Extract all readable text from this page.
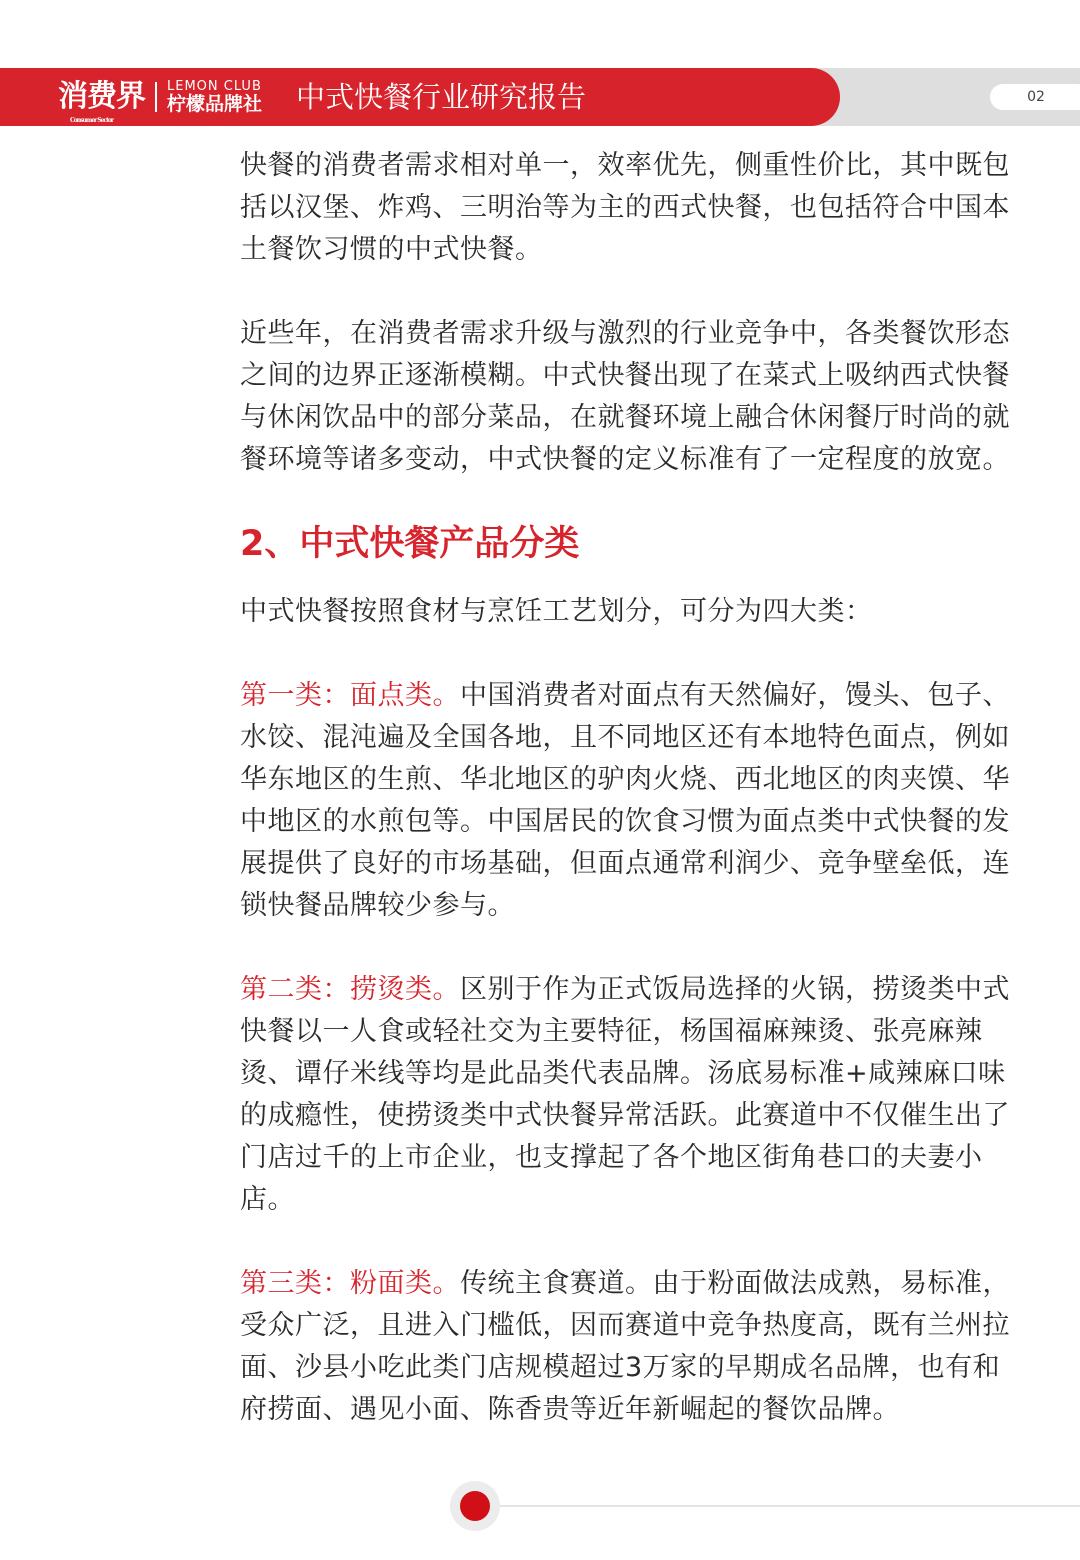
消费界
Consumer Sector
LEMON CLUB
柠檬品牌社 中式快餐行业研究报告	02

快餐的消费者需求相对单一，效率优先，侧重性价比，其中既包括以汉堡、炸鸡、三明治等为主的西式快餐，也包括符合中国本土餐饮习惯的中式快餐。

近些年，在消费者需求升级与激烈的行业竞争中，各类餐饮形态之间的边界正逐渐模糊。中式快餐出现了在菜式上吸纳西式快餐与休闲饮品中的部分菜品，在就餐环境上融合休闲餐厅时尚的就餐环境等诸多变动，中式快餐的定义标准有了一定程度的放宽。

2、中式快餐产品分类

中式快餐按照食材与烹饪工艺划分，可分为四大类：

第一类：面点类。中国消费者对面点有天然偏好，馒头、包子、水饺、混沌遍及全国各地，且不同地区还有本地特色面点，例如华东地区的生煎、华北地区的驴肉火烧、西北地区的肉夹馍、华中地区的水煎包等。中国居民的饮食习惯为面点类中式快餐的发展提供了良好的市场基础，但面点通常利润少、竞争壁垒低，连锁快餐品牌较少参与。

第二类：捞烫类。区别于作为正式饭局选择的火锅，捞烫类中式快餐以一人食或轻社交为主要特征，杨国福麻辣烫、张亮麻辣烫、谭仔米线等均是此品类代表品牌。汤底易标准+咸辣麻口味的成瘾性，使捞烫类中式快餐异常活跃。此赛道中不仅催生出了门店过千的上市企业，也支撑起了各个地区街角巷口的夫妻小店。

第三类：粉面类。传统主食赛道。由于粉面做法成熟，易标准，受众广泛，且进入门槛低，因而赛道中竞争热度高，既有兰州拉面、沙县小吃此类门店规模超过3万家的早期成名品牌，也有和府捞面、遇见小面、陈香贵等近年新崛起的餐饮品牌。
